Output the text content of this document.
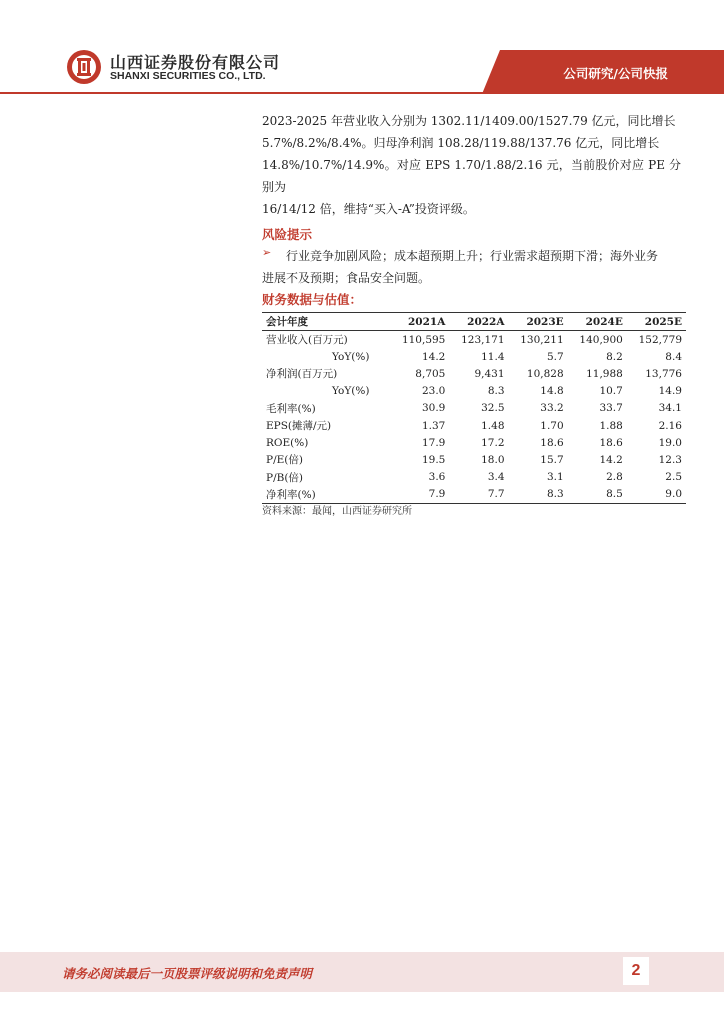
山西证券股份有限公司
SHANXI SECURITIES CO., LTD.	公司研究/公司快报
2023-2025 年营业收入分别为 1302.11/1409.00/1527.79 亿元，同比增长
5.7%/8.2%/8.4%。归母净利润 108.28/119.88/137.76 亿元，同比增长
14.8%/10.7%/14.9%。对应 EPS 1.70/1.88/2.16 元，当前股价对应 PE 分别为
16/14/12 倍，维持“买入-A”投资评级。
风险提示
➢	行业竞争加剧风险；成本超预期上升；行业需求超预期下滑；海外业务
进展不及预期；食品安全问题。
财务数据与估值：
会计年度	2021A	2022A	2023E	2024E	2025E
营业收入(百万元)	110,595	123,171	130,211	140,900	152,779
YoY(%)	14.2	11.4	5.7	8.2	8.4
净利润(百万元)	8,705	9,431	10,828	11,988	13,776
YoY(%)	23.0	8.3	14.8	10.7	14.9
毛利率(%)	30.9	32.5	33.2	33.7	34.1
EPS(摊薄/元)	1.37	1.48	1.70	1.88	2.16
ROE(%)	17.9	17.2	18.6	18.6	19.0
P/E(倍)	19.5	18.0	15.7	14.2	12.3
P/B(倍)	3.6	3.4	3.1	2.8	2.5
净利率(%)	7.9	7.7	8.3	8.5	9.0
资料来源：最闻，山西证券研究所
请务必阅读最后一页股票评级说明和免责声明	2
